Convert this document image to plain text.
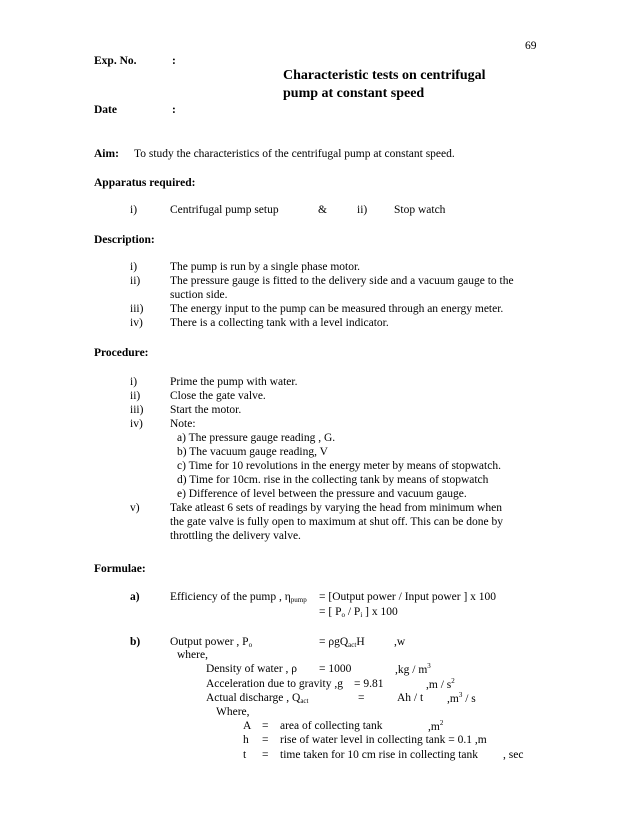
69
Exp. No.	:
Characteristic tests on centrifugal
pump at constant speed
Date	:
Aim: To study the characteristics of the centrifugal pump at constant speed.
Apparatus required:
i)	Centrifugal pump setup	&	ii) Stop watch
Description:
i)	The pump is run by a single phase motor.
ii)	The pressure gauge is fitted to the delivery side and a vacuum gauge to the
suction side.
iii) The energy input to the pump can be measured through an energy meter.
iv) There is a collecting tank with a level indicator.
Procedure:
i)	Prime the pump with water.
ii)	Close the gate valve.
iii) Start the motor.
iv) Note:
a) The pressure gauge reading , G.
b) The vacuum gauge reading, V
c) Time for 10 revolutions in the energy meter by means of stopwatch.
d) Time for 10cm. rise in the collecting tank by means of stopwatch
e) Difference of level between the pressure and vacuum gauge.
v)	Take atleast 6 sets of readings by varying the head from minimum when
the gate valve is fully open to maximum at shut off. This can be done by
throttling the delivery valve.
Formulae:
a)	Efficiency of the pump , $\eta_{pump}$ = [Output power / Input power ] x 100
= [ $P_o / P_i$ ] x 100
b)	Output power , $P_o$	= ρgQ$_{act}$H	,w
where,
Density of water , ρ = 1000	,kg / $m^3$
Acceleration due to gravity ,g = 9.81	,m / $s^2$
Actual discharge , $Q_{act}$	=	Ah / t $,m^3$ / s
Where,
A = area of collecting tank	$,m^2$
h = rise of water level in collecting tank = 0.1 ,m
t = time taken for 10 cm rise in collecting tank , sec
